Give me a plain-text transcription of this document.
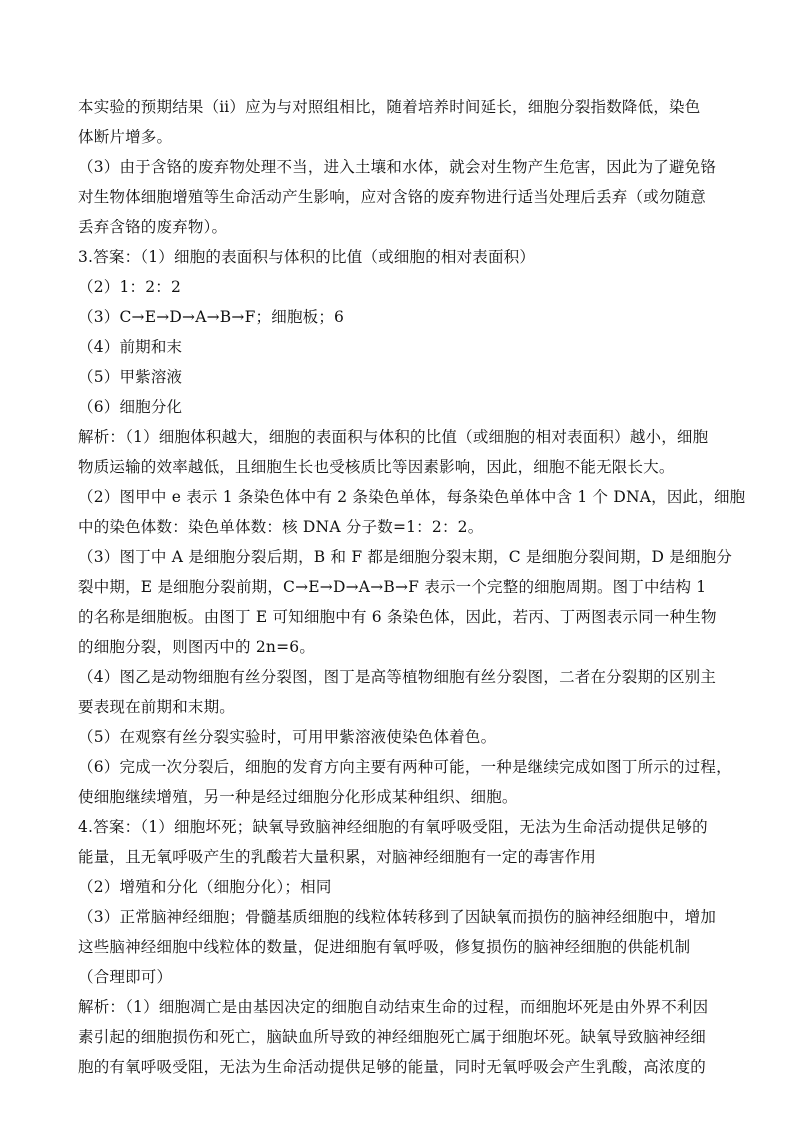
本实验的预期结果（ⅱ）应为与对照组相比，随着培养时间延长，细胞分裂指数降低，染色
体断片增多。
（3）由于含铬的废弃物处理不当，进入土壤和水体，就会对生物产生危害，因此为了避免铬
对生物体细胞增殖等生命活动产生影响，应对含铬的废弃物进行适当处理后丢弃（或勿随意
丢弃含铬的废弃物）。
3.答案：（1）细胞的表面积与体积的比值（或细胞的相对表面积）
（2）1：2：2
（3）C→E→D→A→B→F；细胞板；6
（4）前期和末
（5）甲紫溶液
（6）细胞分化
解析：（1）细胞体积越大，细胞的表面积与体积的比值（或细胞的相对表面积）越小，细胞
物质运输的效率越低，且细胞生长也受核质比等因素影响，因此，细胞不能无限长大。
（2）图甲中 e 表示 1 条染色体中有 2 条染色单体，每条染色单体中含 1 个 DNA，因此，细胞
中的染色体数：染色单体数：核 DNA 分子数=1：2：2。
（3）图丁中 A 是细胞分裂后期，B 和 F 都是细胞分裂末期，C 是细胞分裂间期，D 是细胞分
裂中期，E 是细胞分裂前期，C→E→D→A→B→F 表示一个完整的细胞周期。图丁中结构 1
的名称是细胞板。由图丁 E 可知细胞中有 6 条染色体，因此，若丙、丁两图表示同一种生物
的细胞分裂，则图丙中的 2n=6。
（4）图乙是动物细胞有丝分裂图，图丁是高等植物细胞有丝分裂图，二者在分裂期的区别主
要表现在前期和末期。
（5）在观察有丝分裂实验时，可用甲紫溶液使染色体着色。
（6）完成一次分裂后，细胞的发育方向主要有两种可能，一种是继续完成如图丁所示的过程，
使细胞继续增殖，另一种是经过细胞分化形成某种组织、细胞。
4.答案：（1）细胞坏死；缺氧导致脑神经细胞的有氧呼吸受阻，无法为生命活动提供足够的
能量，且无氧呼吸产生的乳酸若大量积累，对脑神经细胞有一定的毒害作用
（2）增殖和分化（细胞分化）；相同
（3）正常脑神经细胞；骨髓基质细胞的线粒体转移到了因缺氧而损伤的脑神经细胞中，增加
这些脑神经细胞中线粒体的数量，促进细胞有氧呼吸，修复损伤的脑神经细胞的供能机制
（合理即可）
解析：（1）细胞凋亡是由基因决定的细胞自动结束生命的过程，而细胞坏死是由外界不利因
素引起的细胞损伤和死亡，脑缺血所导致的神经细胞死亡属于细胞坏死。缺氧导致脑神经细
胞的有氧呼吸受阻，无法为生命活动提供足够的能量，同时无氧呼吸会产生乳酸，高浓度的
